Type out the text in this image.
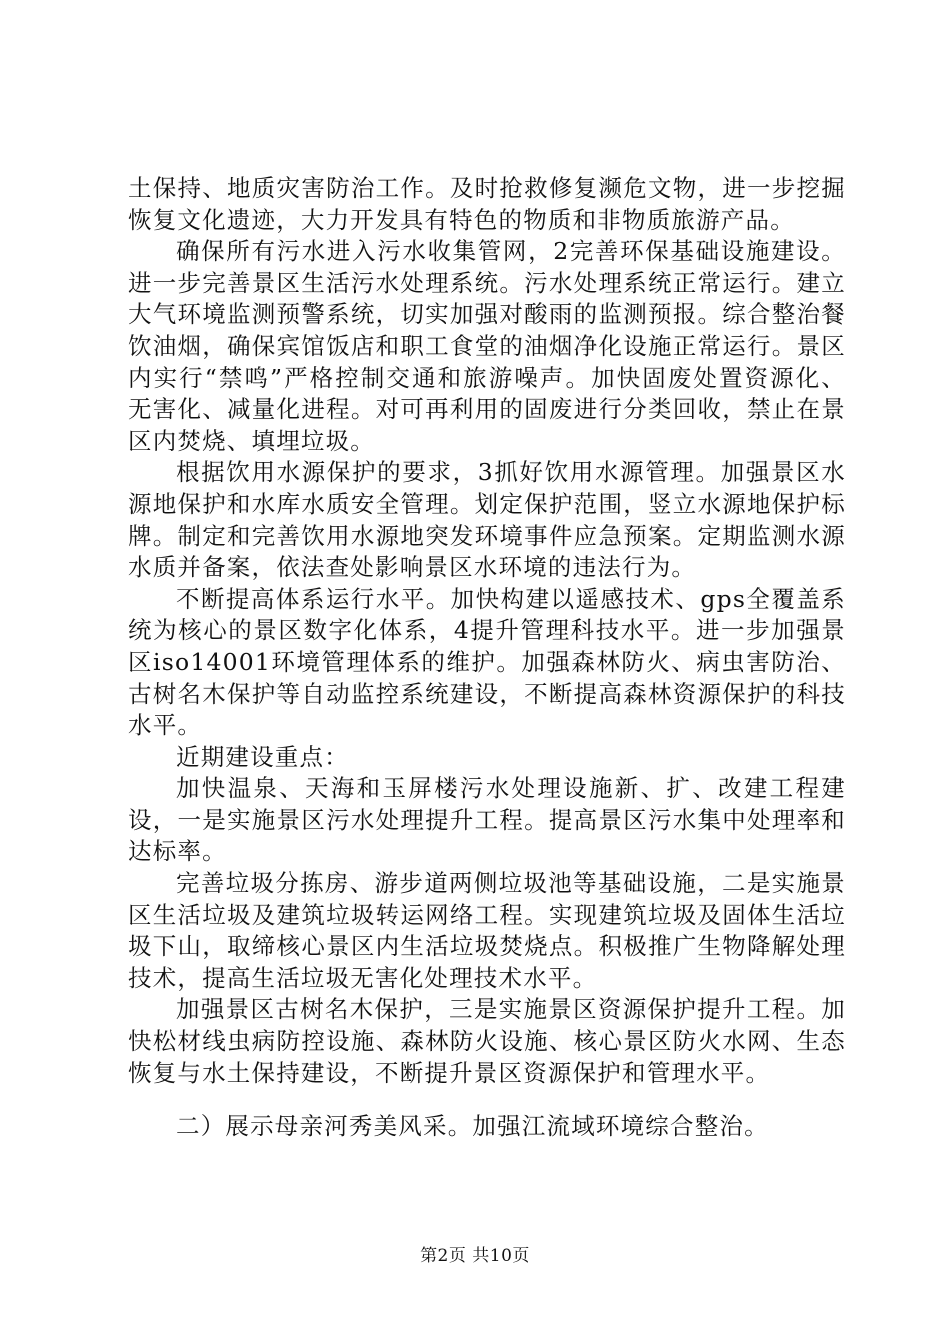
土保持、地质灾害防治工作。及时抢救修复濒危文物，进一步挖掘恢复文化遗迹，大力开发具有特色的物质和非物质旅游产品。

确保所有污水进入污水收集管网，2完善环保基础设施建设。进一步完善景区生活污水处理系统。污水处理系统正常运行。建立大气环境监测预警系统，切实加强对酸雨的监测预报。综合整治餐饮油烟，确保宾馆饭店和职工食堂的油烟净化设施正常运行。景区内实行“禁鸣”严格控制交通和旅游噪声。加快固废处置资源化、无害化、减量化进程。对可再利用的固废进行分类回收，禁止在景区内焚烧、填埋垃圾。

根据饮用水源保护的要求，3抓好饮用水源管理。加强景区水源地保护和水库水质安全管理。划定保护范围，竖立水源地保护标牌。制定和完善饮用水源地突发环境事件应急预案。定期监测水源水质并备案，依法查处影响景区水环境的违法行为。

不断提高体系运行水平。加快构建以遥感技术、gps全覆盖系统为核心的景区数字化体系，4提升管理科技水平。进一步加强景区iso14001环境管理体系的维护。加强森林防火、病虫害防治、古树名木保护等自动监控系统建设，不断提高森林资源保护的科技水平。

近期建设重点：

加快温泉、天海和玉屏楼污水处理设施新、扩、改建工程建设，一是实施景区污水处理提升工程。提高景区污水集中处理率和达标率。

完善垃圾分拣房、游步道两侧垃圾池等基础设施，二是实施景区生活垃圾及建筑垃圾转运网络工程。实现建筑垃圾及固体生活垃圾下山，取缔核心景区内生活垃圾焚烧点。积极推广生物降解处理技术，提高生活垃圾无害化处理技术水平。

加强景区古树名木保护，三是实施景区资源保护提升工程。加快松材线虫病防控设施、森林防火设施、核心景区防火水网、生态恢复与水土保持建设，不断提升景区资源保护和管理水平。

二）展示母亲河秀美风采。加强江流域环境综合整治。

第2页 共10页
